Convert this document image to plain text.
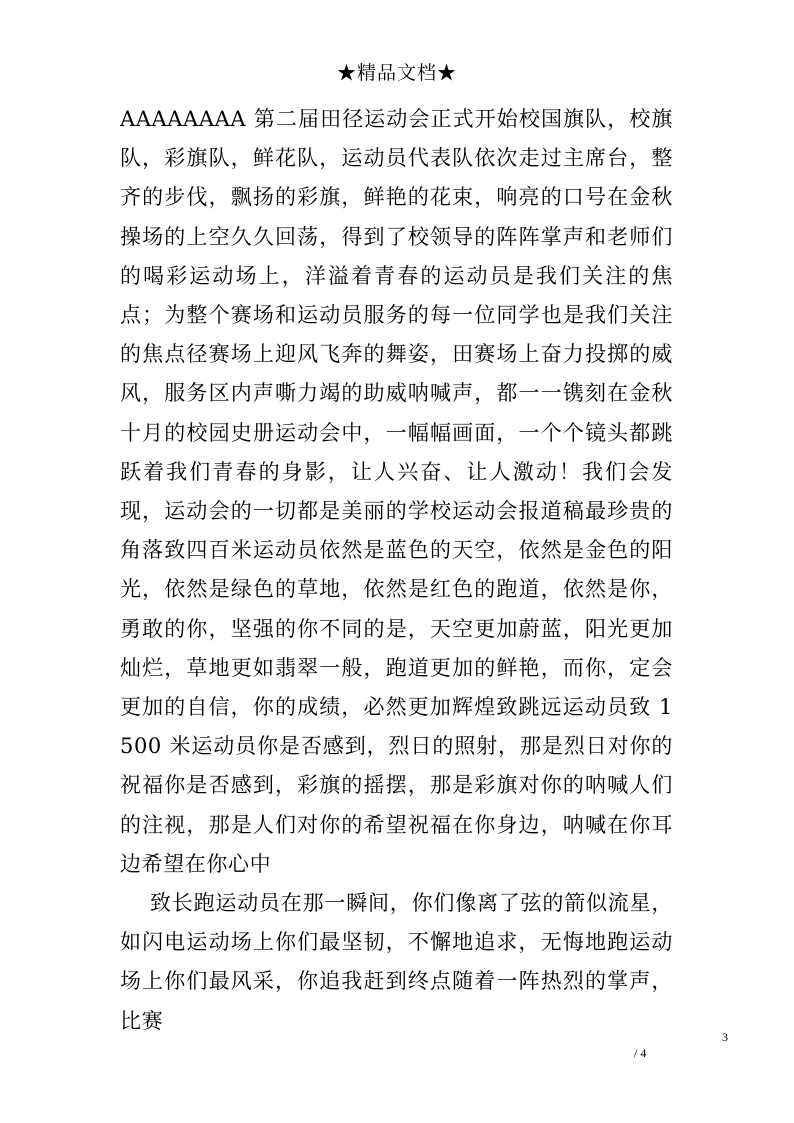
★精品文档★

AAAAAAAA 第二届田径运动会正式开始校国旗队，校旗队，彩旗队，鲜花队，运动员代表队依次走过主席台，整齐的步伐，飘扬的彩旗，鲜艳的花束，响亮的口号在金秋操场的上空久久回荡，得到了校领导的阵阵掌声和老师们的喝彩运动场上，洋溢着青春的运动员是我们关注的焦点；为整个赛场和运动员服务的每一位同学也是我们关注的焦点径赛场上迎风飞奔的舞姿，田赛场上奋力投掷的威风，服务区内声嘶力竭的助威呐喊声，都一一镌刻在金秋十月的校园史册运动会中，一幅幅画面，一个个镜头都跳跃着我们青春的身影，让人兴奋、让人激动！我们会发现，运动会的一切都是美丽的学校运动会报道稿最珍贵的角落致四百米运动员依然是蓝色的天空，依然是金色的阳光，依然是绿色的草地，依然是红色的跑道，依然是你，勇敢的你，坚强的你不同的是，天空更加蔚蓝，阳光更加灿烂，草地更如翡翠一般，跑道更加的鲜艳，而你，定会更加的自信，你的成绩，必然更加辉煌致跳远运动员致 1500 米运动员你是否感到，烈日的照射，那是烈日对你的祝福你是否感到，彩旗的摇摆，那是彩旗对你的呐喊人们的注视，那是人们对你的希望祝福在你身边，呐喊在你耳边希望在你心中

致长跑运动员在那一瞬间，你们像离了弦的箭似流星，如闪电运动场上你们最坚韧，不懈地追求，无悔地跑运动场上你们最风采，你追我赶到终点随着一阵热烈的掌声，比赛

3
/ 4
